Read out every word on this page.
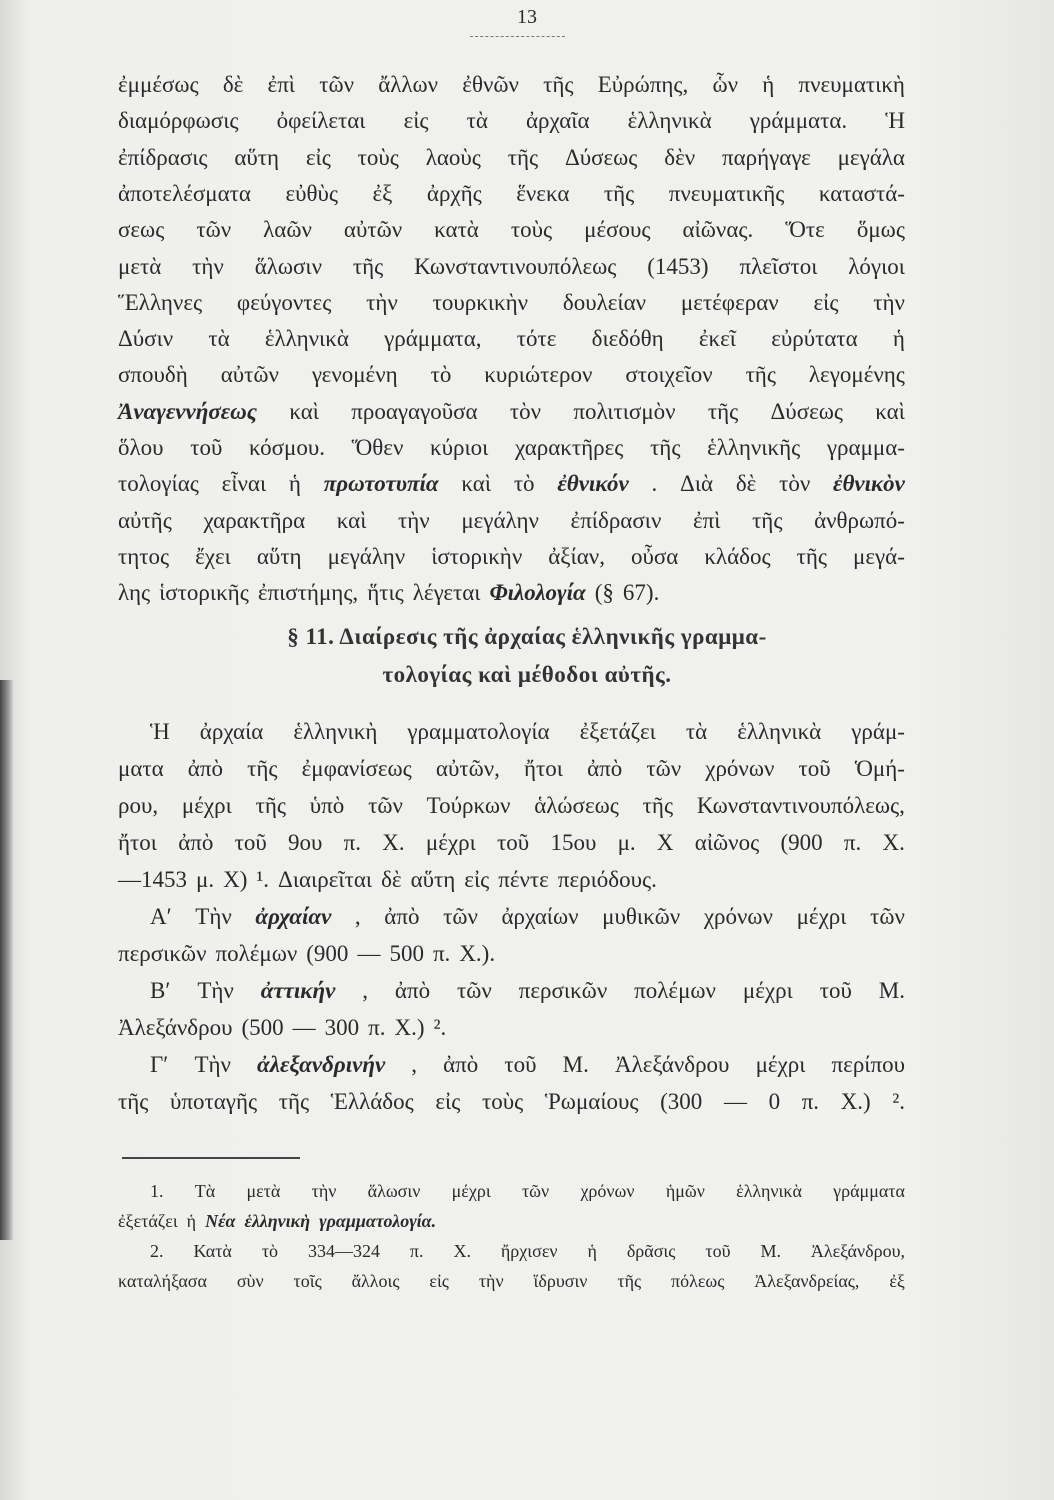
13
ἐμμέσως δὲ ἐπὶ τῶν ἄλλων ἐθνῶν τῆς Εὐρώπης, ὧν ἡ πνευματικὴ
διαμόρφωσις ὀφείλεται εἰς τὰ ἀρχαῖα ἑλληνικὰ γράμματα. Ἡ
ἐπίδρασις αὕτη εἰς τοὺς λαοὺς τῆς Δύσεως δὲν παρήγαγε μεγάλα
ἀποτελέσματα εὐθὺς ἐξ ἀρχῆς ἕνεκα τῆς πνευματικῆς καταστά-
σεως τῶν λαῶν αὐτῶν κατὰ τοὺς μέσους αἰῶνας. Ὅτε ὅμως
μετὰ τὴν ἅλωσιν τῆς Κωνσταντινουπόλεως (1453) πλεῖστοι λόγιοι
Ἕλληνες φεύγοντες τὴν τουρκικὴν δουλείαν μετέφεραν εἰς τὴν
Δύσιν τὰ ἑλληνικὰ γράμματα, τότε διεδόθη ἐκεῖ εὐρύτατα ἡ
σπουδὴ αὐτῶν γενομένη τὸ κυριώτερον στοιχεῖον τῆς λεγομένης
Ἀναγεννήσεως καὶ προαγαγοῦσα τὸν πολιτισμὸν τῆς Δύσεως καὶ
ὅλου τοῦ κόσμου. Ὅθεν κύριοι χαρακτῆρες τῆς ἑλληνικῆς γραμμα-
τολογίας εἶναι ἡ πρωτοτυπία καὶ τὸ ἐθνικόν . Διὰ δὲ τὸν ἐθνικὸν
αὐτῆς χαρακτῆρα καὶ τὴν μεγάλην ἐπίδρασιν ἐπὶ τῆς ἀνθρωπό-
τητος ἔχει αὕτη μεγάλην ἱστορικὴν ἀξίαν, οὖσα κλάδος τῆς μεγά-
λης ἱστορικῆς ἐπιστήμης, ἥτις λέγεται Φιλολογία (§ 67).
§ 11. Διαίρεσις τῆς ἀρχαίας ἑλληνικῆς γραμμα-
τολογίας καὶ μέθοδοι αὐτῆς.
Ἡ ἀρχαία ἑλληνικὴ γραμματολογία ἐξετάζει τὰ ἑλληνικὰ γράμ-
ματα ἀπὸ τῆς ἐμφανίσεως αὐτῶν, ἤτοι ἀπὸ τῶν χρόνων τοῦ Ὁμή-
ρου, μέχρι τῆς ὑπὸ τῶν Τούρκων ἁλώσεως τῆς Κωνσταντινουπόλεως,
ἤτοι ἀπὸ τοῦ 9ου π. Χ. μέχρι τοῦ 15ου μ. Χ αἰῶνος (900 π. Χ.
—1453 μ. Χ) ¹. Διαιρεῖται δὲ αὕτη εἰς πέντε περιόδους.
Α′ Τὴν ἀρχαίαν , ἀπὸ τῶν ἀρχαίων μυθικῶν χρόνων μέχρι τῶν
περσικῶν πολέμων (900 — 500 π. Χ.).
Β′ Τὴν ἀττικήν , ἀπὸ τῶν περσικῶν πολέμων μέχρι τοῦ Μ.
Ἀλεξάνδρου (500 — 300 π. Χ.) ².
Γ′ Τὴν ἀλεξανδρινήν , ἀπὸ τοῦ Μ. Ἀλεξάνδρου μέχρι περίπου
τῆς ὑποταγῆς τῆς Ἑλλάδος εἰς τοὺς Ῥωμαίους (300 — 0 π. Χ.) ².
1. Τὰ μετὰ τὴν ἅλωσιν μέχρι τῶν χρόνων ἡμῶν ἑλληνικὰ γράμματα
ἐξετάζει ἡ Νέα ἑλληνικὴ γραμματολογία.
2. Κατὰ τὸ 334—324 π. Χ. ἤρχισεν ἡ δρᾶσις τοῦ Μ. Ἀλεξάνδρου,
καταλήξασα σὺν τοῖς ἄλλοις εἰς τὴν ἵδρυσιν τῆς πόλεως Ἀλεξανδρείας, ἐξ
